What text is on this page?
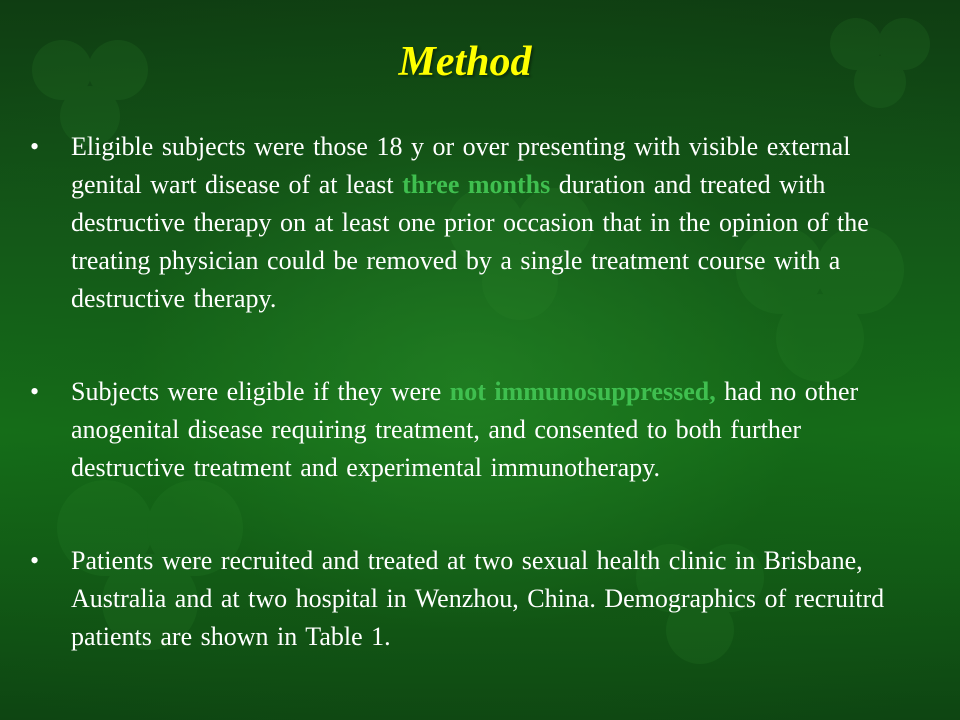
Method
• Eligible subjects were those 18 y or over presenting with visible external genital wart disease of at least three months duration and treated with destructive therapy on at least one prior occasion that in the opinion of the treating physician could be removed by a single treatment course with a destructive therapy.
• Subjects were eligible if they were not immunosuppressed, had no other anogenital disease requiring treatment, and consented to both further destructive treatment and experimental immunotherapy.
• Patients were recruited and treated at two sexual health clinic in Brisbane, Australia and at two hospital in Wenzhou, China. Demographics of recruitrd patients are shown in Table 1.
